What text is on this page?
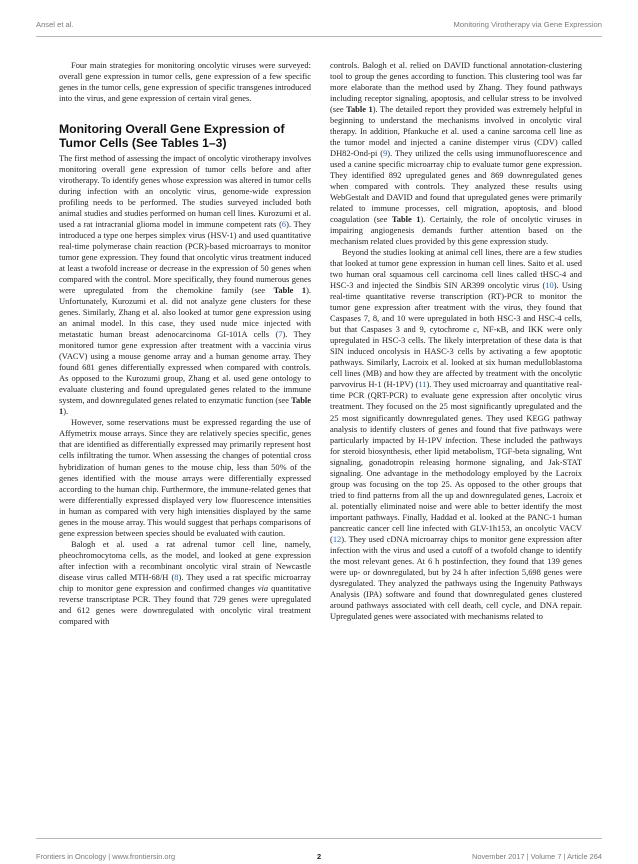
Ansel et al.	Monitoring Virotherapy via Gene Expression

Four main strategies for monitoring oncolytic viruses were surveyed: overall gene expression in tumor cells, gene expression of a few specific genes in the tumor cells, gene expression of specific transgenes introduced into the virus, and gene expression of certain viral genes.

Monitoring Overall Gene Expression of Tumor Cells (See Tables 1–3)

The first method of assessing the impact of oncolytic virotherapy involves monitoring overall gene expression of tumor cells before and after virotherapy. To identify genes whose expression was altered in tumor cells during infection with an oncolytic virus, genome-wide expression profiling needs to be performed. The studies surveyed included both animal studies and studies performed on human cell lines. Kurozumi et al. used a rat intracranial glioma model in immune competent rats (6). They introduced a type one herpes simplex virus (HSV-1) and used quantitative real-time polymerase chain reaction (PCR)-based microarrays to monitor tumor gene expression. They found that oncolytic virus treatment induced at least a twofold increase or decrease in the expression of 50 genes when compared with the control. More specifically, they found numerous genes were upregulated from the chemokine family (see Table 1). Unfortunately, Kurozumi et al. did not analyze gene clusters for these genes. Similarly, Zhang et al. also looked at tumor gene expression using an animal model. In this case, they used nude mice injected with metastatic human breast adenocarcinoma GI-101A cells (7). They monitored tumor gene expression after treatment with a vaccinia virus (VACV) using a mouse genome array and a human genome array. They found 681 genes differentially expressed when compared with controls. As opposed to the Kurozumi group, Zhang et al. used gene ontology to evaluate clustering and found upregulated genes related to the immune system, and downregulated genes related to enzymatic function (see Table 1).

However, some reservations must be expressed regarding the use of Affymetrix mouse arrays. Since they are relatively species specific, genes that are identified as differentially expressed may primarily represent host cells infiltrating the tumor. When assessing the changes of potential cross hybridization of human genes to the mouse chip, less than 50% of the genes identified with the mouse arrays were differentially expressed according to the human chip. Furthermore, the immune-related genes that were differentially expressed displayed very low fluorescence intensities in human as compared with very high intensities displayed by the same genes in the mouse array. This would suggest that perhaps comparisons of gene expression between species should be evaluated with caution.

Balogh et al. used a rat adrenal tumor cell line, namely, pheochromocytoma cells, as the model, and looked at gene expression after infection with a recombinant oncolytic viral strain of Newcastle disease virus called MTH-68/H (8). They used a rat specific microarray chip to monitor gene expression and confirmed changes via quantitative reverse transcriptase PCR. They found that 729 genes were upregulated and 612 genes were downregulated with oncolytic viral treatment compared with

controls. Balogh et al. relied on DAVID functional annotation-clustering tool to group the genes according to function. This clustering tool was far more elaborate than the method used by Zhang. They found pathways including receptor signaling, apoptosis, and cellular stress to be involved (see Table 1). The detailed report they provided was extremely helpful in beginning to understand the mechanisms involved in oncolytic viral therapy. In addition, Pfankuche et al. used a canine sarcoma cell line as the tumor model and injected a canine distemper virus (CDV) called DH82-Ond-pi (9). They utilized the cells using immunofluorescence and used a canine specific microarray chip to evaluate tumor gene expression. They identified 892 upregulated genes and 869 downregulated genes when compared with controls. They analyzed these results using WebGestalt and DAVID and found that upregulated genes were primarily related to immune processes, cell migration, apoptosis, and blood coagulation (see Table 1). Certainly, the role of oncolytic viruses in impairing angiogenesis demands further attention based on the mechanism related clues provided by this gene expression study.

Beyond the studies looking at animal cell lines, there are a few studies that looked at tumor gene expression in human cell lines. Saito et al. used two human oral squamous cell carcinoma cell lines called tHSC-4 and HSC-3 and injected the Sindbis SIN AR399 oncolytic virus (10). Using real-time quantitative reverse transcription (RT)-PCR to monitor the tumor gene expression after treatment with the virus, they found that Caspases 7, 8, and 10 were upregulated in both HSC-3 and HSC-4 cells, but that Caspases 3 and 9, cytochrome c, NF-κB, and IKK were only upregulated in HSC-3 cells. The likely interpretation of these data is that SIN induced oncolysis in HASC-3 cells by activating a few apoptotic pathways. Similarly, Lacroix et al. looked at six human medulloblastoma cell lines (MB) and how they are affected by treatment with the oncolytic parvovirus H-1 (H-1PV) (11). They used microarray and quantitative real-time PCR (QRT-PCR) to evaluate gene expression after oncolytic virus treatment. They focused on the 25 most significantly upregulated and the 25 most significantly downregulated genes. They used KEGG pathway analysis to identify clusters of genes and found that five pathways were particularly impacted by H-1PV infection. These included the pathways for steroid biosynthesis, ether lipid metabolism, TGF-beta signaling, Wnt signaling, gonadotropin releasing hormone signaling, and Jak-STAT signaling. One advantage in the methodology employed by the Lacroix group was focusing on the top 25. As opposed to the other groups that tried to find patterns from all the up and downregulated genes, Lacroix et al. potentially eliminated noise and were able to better identify the most important pathways. Finally, Haddad et al. looked at the PANC-1 human pancreatic cancer cell line infected with GLV-1h153, an oncolytic VACV (12). They used cDNA microarray chips to monitor gene expression after infection with the virus and used a cutoff of a twofold change to identify the most relevant genes. At 6 h postinfection, they found that 139 genes were up- or downregulated, but by 24 h after infection 5,698 genes were dysregulated. They analyzed the pathways using the Ingenuity Pathways Analysis (IPA) software and found that downregulated genes clustered around pathways associated with cell death, cell cycle, and DNA repair. Upregulated genes were associated with mechanisms related to

Frontiers in Oncology | www.frontiersin.org	2	November 2017 | Volume 7 | Article 264
